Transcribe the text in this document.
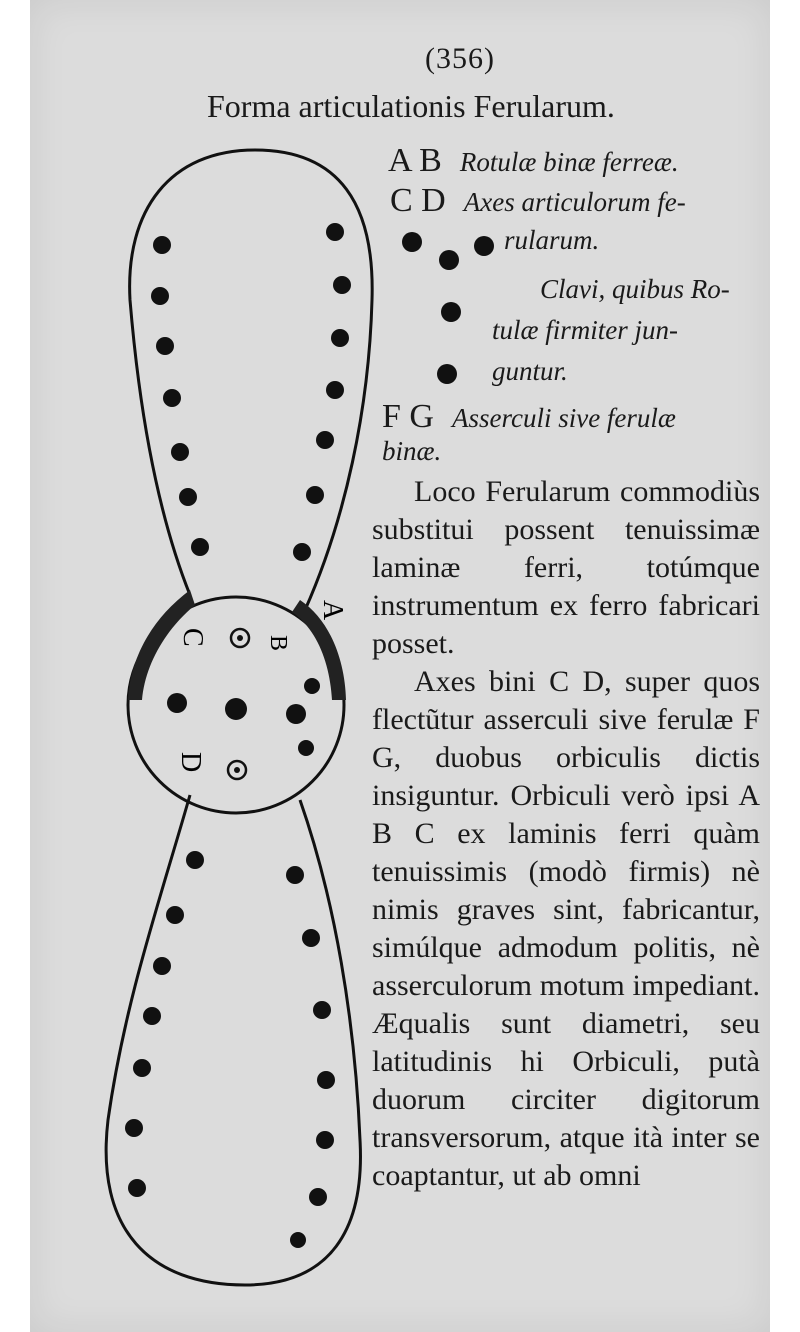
(356)
Forma articulationis Ferularum.
A
B
C
D
A B Rotulæ binæ ferreæ.
C D Axes articulorum fe-
rularum.
Clavi, quibus Ro-
tulæ firmiter jun-
guntur.
F G Asserculi sive ferulæ
binæ.

Loco Ferularum commodiùs substitui possent tenuissimæ laminæ ferri, totúmque instrumentum ex ferro fabricari posset.

Axes bini C D, super quos flectũtur asserculi sive ferulæ F G, duobus orbiculis dictis insiguntur. Orbiculi verò ipsi A B C ex laminis ferri quàm tenuissimis (modò firmis) nè nimis graves sint, fabricantur, simúlque admodum politis, nè asserculorum motum impediant. Æqualis sunt diametri, seu latitudinis hi Orbiculi, putà duorum circiter digitorum transversorum, atque ità inter se coaptantur, ut ab omni
